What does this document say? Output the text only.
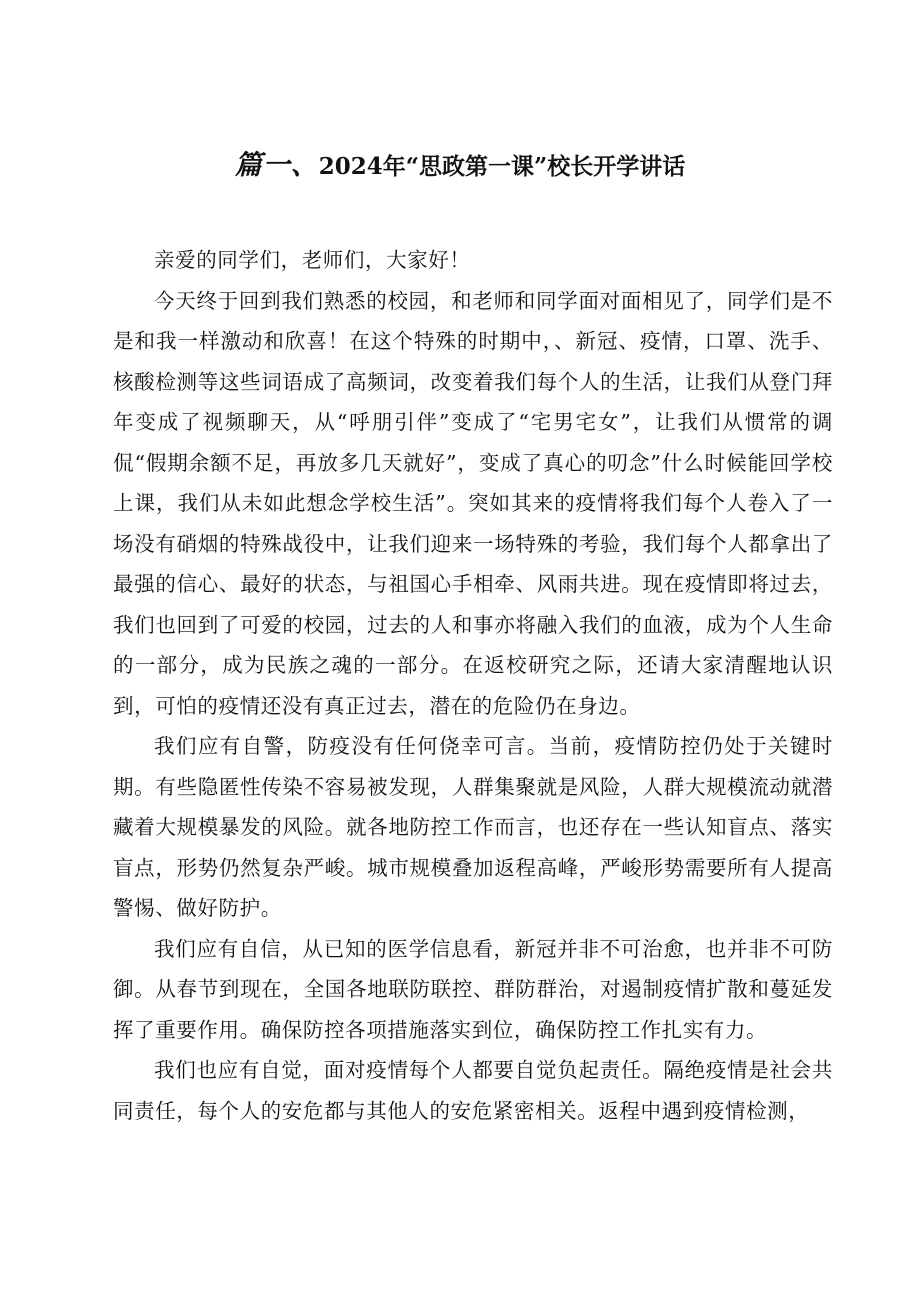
篇一、2024年“思政第一课”校长开学讲话

亲爱的同学们，老师们，大家好！

今天终于回到我们熟悉的校园，和老师和同学面对面相见了，同学们是不是和我一样激动和欣喜！在这个特殊的时期中，、新冠、疫情，口罩、洗手、核酸检测等这些词语成了高频词，改变着我们每个人的生活，让我们从登门拜年变成了视频聊天，从“呼朋引伴”变成了“宅男宅女”，让我们从惯常的调侃“假期余额不足，再放多几天就好”，变成了真心的叨念”什么时候能回学校上课，我们从未如此想念学校生活”。突如其来的疫情将我们每个人卷入了一场没有硝烟的特殊战役中，让我们迎来一场特殊的考验，我们每个人都拿出了最强的信心、最好的状态，与祖国心手相牵、风雨共进。现在疫情即将过去，我们也回到了可爱的校园，过去的人和事亦将融入我们的血液，成为个人生命的一部分，成为民族之魂的一部分。在返校研究之际，还请大家清醒地认识到，可怕的疫情还没有真正过去，潜在的危险仍在身边。

我们应有自警，防疫没有任何侥幸可言。当前，疫情防控仍处于关键时期。有些隐匿性传染不容易被发现，人群集聚就是风险，人群大规模流动就潜藏着大规模暴发的风险。就各地防控工作而言，也还存在一些认知盲点、落实盲点，形势仍然复杂严峻。城市规模叠加返程高峰，严峻形势需要所有人提高警惕、做好防护。

我们应有自信，从已知的医学信息看，新冠并非不可治愈，也并非不可防御。从春节到现在，全国各地联防联控、群防群治，对遏制疫情扩散和蔓延发挥了重要作用。确保防控各项措施落实到位，确保防控工作扎实有力。

我们也应有自觉，面对疫情每个人都要自觉负起责任。隔绝疫情是社会共同责任，每个人的安危都与其他人的安危紧密相关。返程中遇到疫情检测，
